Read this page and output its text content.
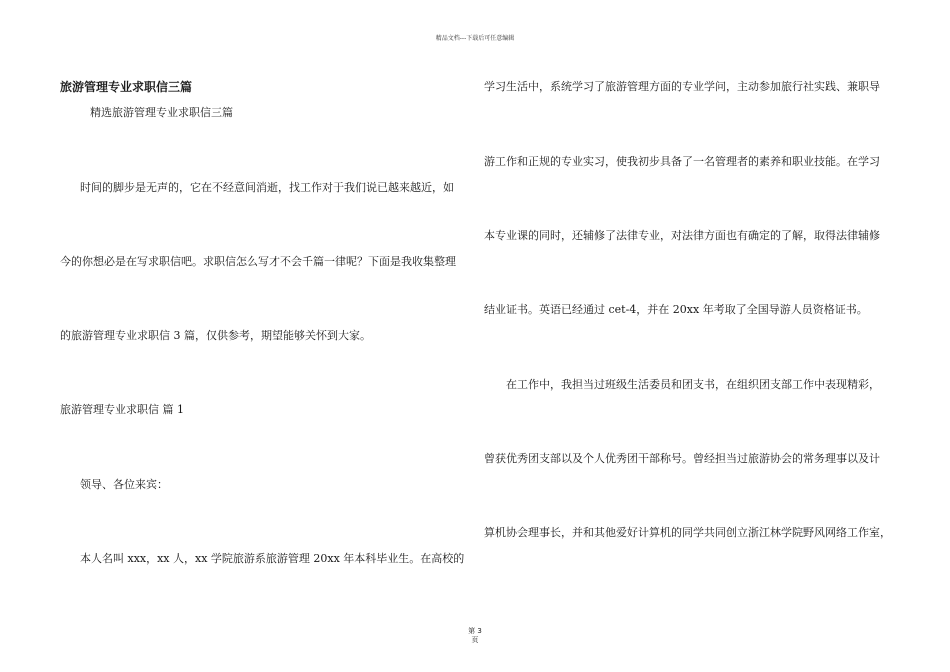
精品文档---下载后可任意编辑
旅游管理专业求职信三篇
精选旅游管理专业求职信三篇
时间的脚步是无声的，它在不经意间消逝，找工作对于我们说已越来越近，如
今的你想必是在写求职信吧。求职信怎么写才不会千篇一律呢？下面是我收集整理
的旅游管理专业求职信 3 篇，仅供参考，期望能够关怀到大家。
旅游管理专业求职信 篇 1
领导、各位来宾：
本人名叫 xxx，xx 人，xx 学院旅游系旅游管理 20xx 年本科毕业生。在高校的
学习生活中，系统学习了旅游管理方面的专业学问，主动参加旅行社实践、兼职导
游工作和正规的专业实习，使我初步具备了一名管理者的素养和职业技能。在学习
本专业课的同时，还辅修了法律专业，对法律方面也有确定的了解，取得法律辅修
结业证书。英语已经通过 cet-4，并在 20xx 年考取了全国导游人员资格证书。
在工作中，我担当过班级生活委员和团支书，在组织团支部工作中表现精彩，
曾获优秀团支部以及个人优秀团干部称号。曾经担当过旅游协会的常务理事以及计
算机协会理事长，并和其他爱好计算机的同学共同创立浙江林学院野风网络工作室，
第 3
页
